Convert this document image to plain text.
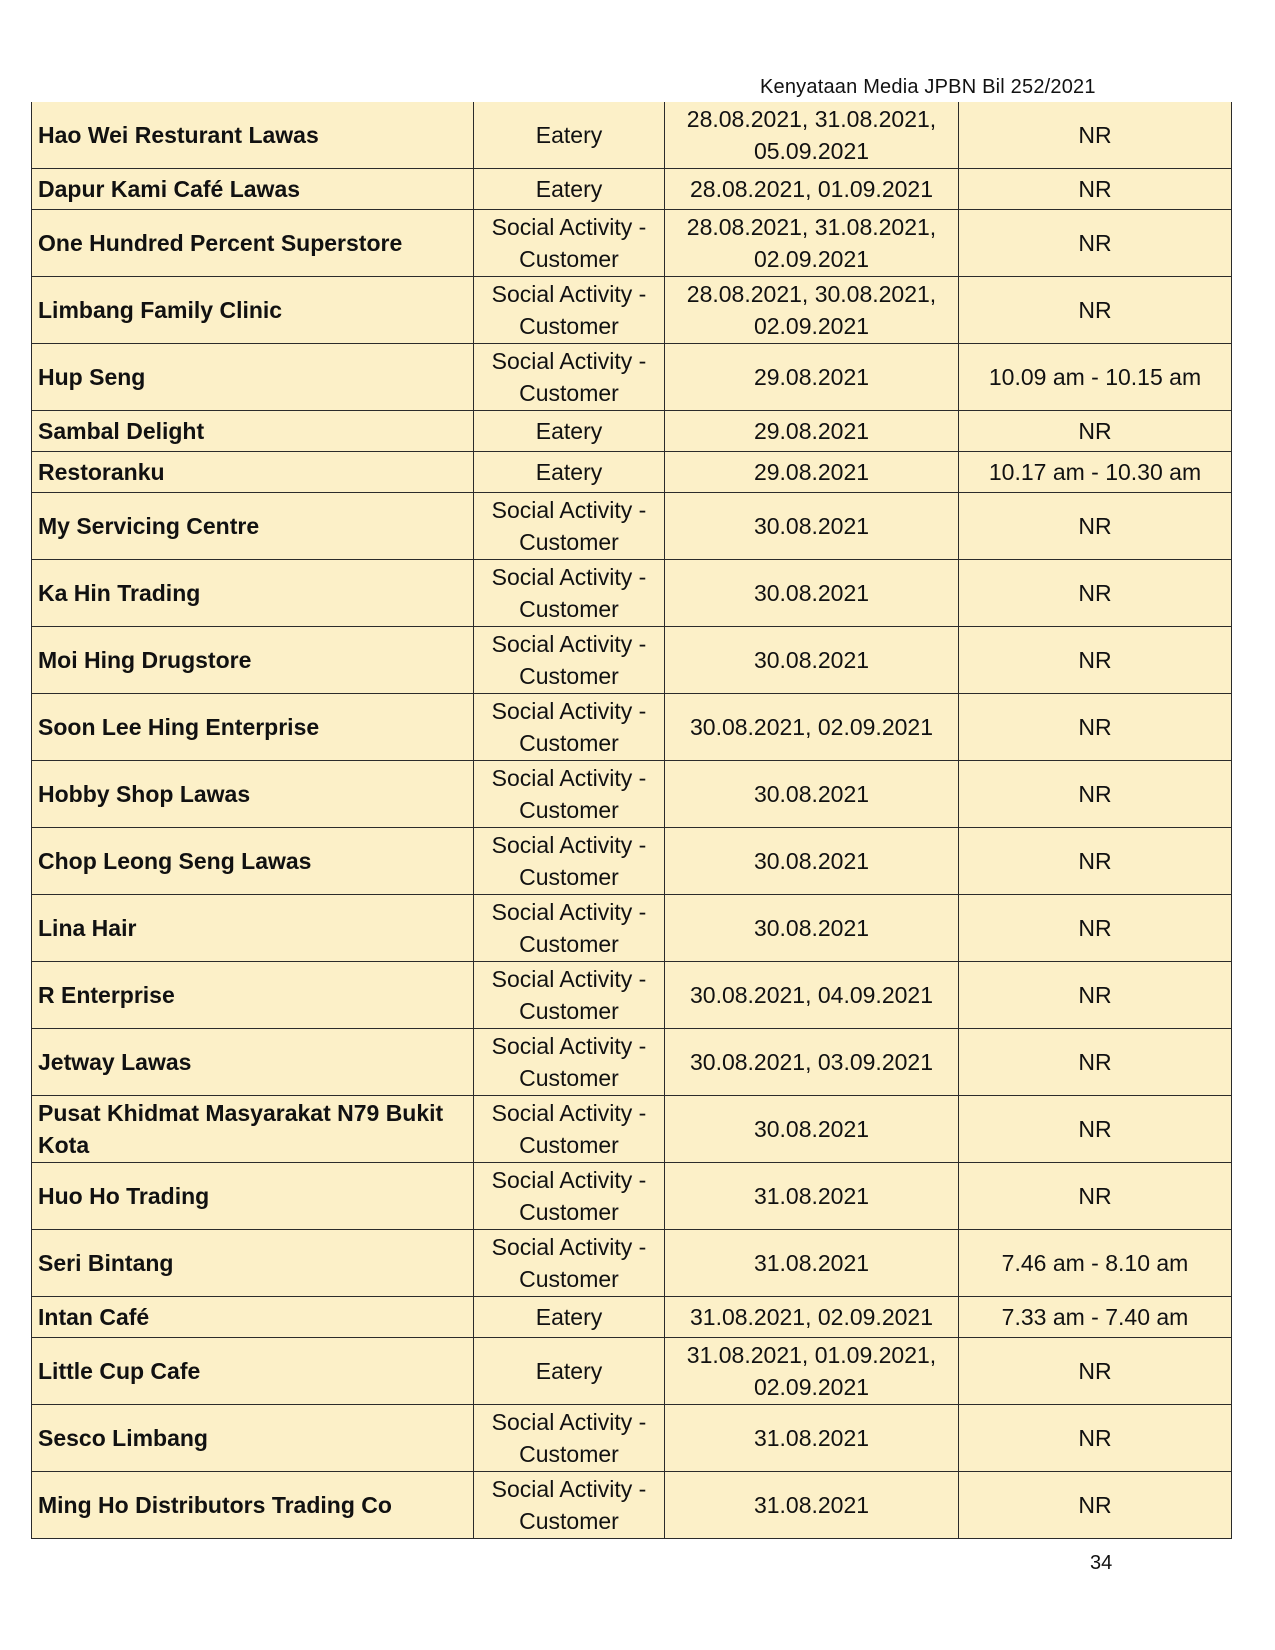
Kenyataan Media JPBN Bil 252/2021
Hao Wei Resturant Lawas	Eatery	28.08.2021, 31.08.2021, 05.09.2021	NR
Dapur Kami Café Lawas	Eatery	28.08.2021, 01.09.2021	NR
One Hundred Percent Superstore	Social Activity - Customer	28.08.2021, 31.08.2021, 02.09.2021	NR
Limbang Family Clinic	Social Activity - Customer	28.08.2021, 30.08.2021, 02.09.2021	NR
Hup Seng	Social Activity - Customer	29.08.2021	10.09 am - 10.15 am
Sambal Delight	Eatery	29.08.2021	NR
Restoranku	Eatery	29.08.2021	10.17 am - 10.30 am
My Servicing Centre	Social Activity - Customer	30.08.2021	NR
Ka Hin Trading	Social Activity - Customer	30.08.2021	NR
Moi Hing Drugstore	Social Activity - Customer	30.08.2021	NR
Soon Lee Hing Enterprise	Social Activity - Customer	30.08.2021, 02.09.2021	NR
Hobby Shop Lawas	Social Activity - Customer	30.08.2021	NR
Chop Leong Seng Lawas	Social Activity - Customer	30.08.2021	NR
Lina Hair	Social Activity - Customer	30.08.2021	NR
R Enterprise	Social Activity - Customer	30.08.2021, 04.09.2021	NR
Jetway Lawas	Social Activity - Customer	30.08.2021, 03.09.2021	NR
Pusat Khidmat Masyarakat N79 Bukit Kota	Social Activity - Customer	30.08.2021	NR
Huo Ho Trading	Social Activity - Customer	31.08.2021	NR
Seri Bintang	Social Activity - Customer	31.08.2021	7.46 am - 8.10 am
Intan Café	Eatery	31.08.2021, 02.09.2021	7.33 am - 7.40 am
Little Cup Cafe	Eatery	31.08.2021, 01.09.2021, 02.09.2021	NR
Sesco Limbang	Social Activity - Customer	31.08.2021	NR
Ming Ho Distributors Trading Co	Social Activity - Customer	31.08.2021	NR
34
